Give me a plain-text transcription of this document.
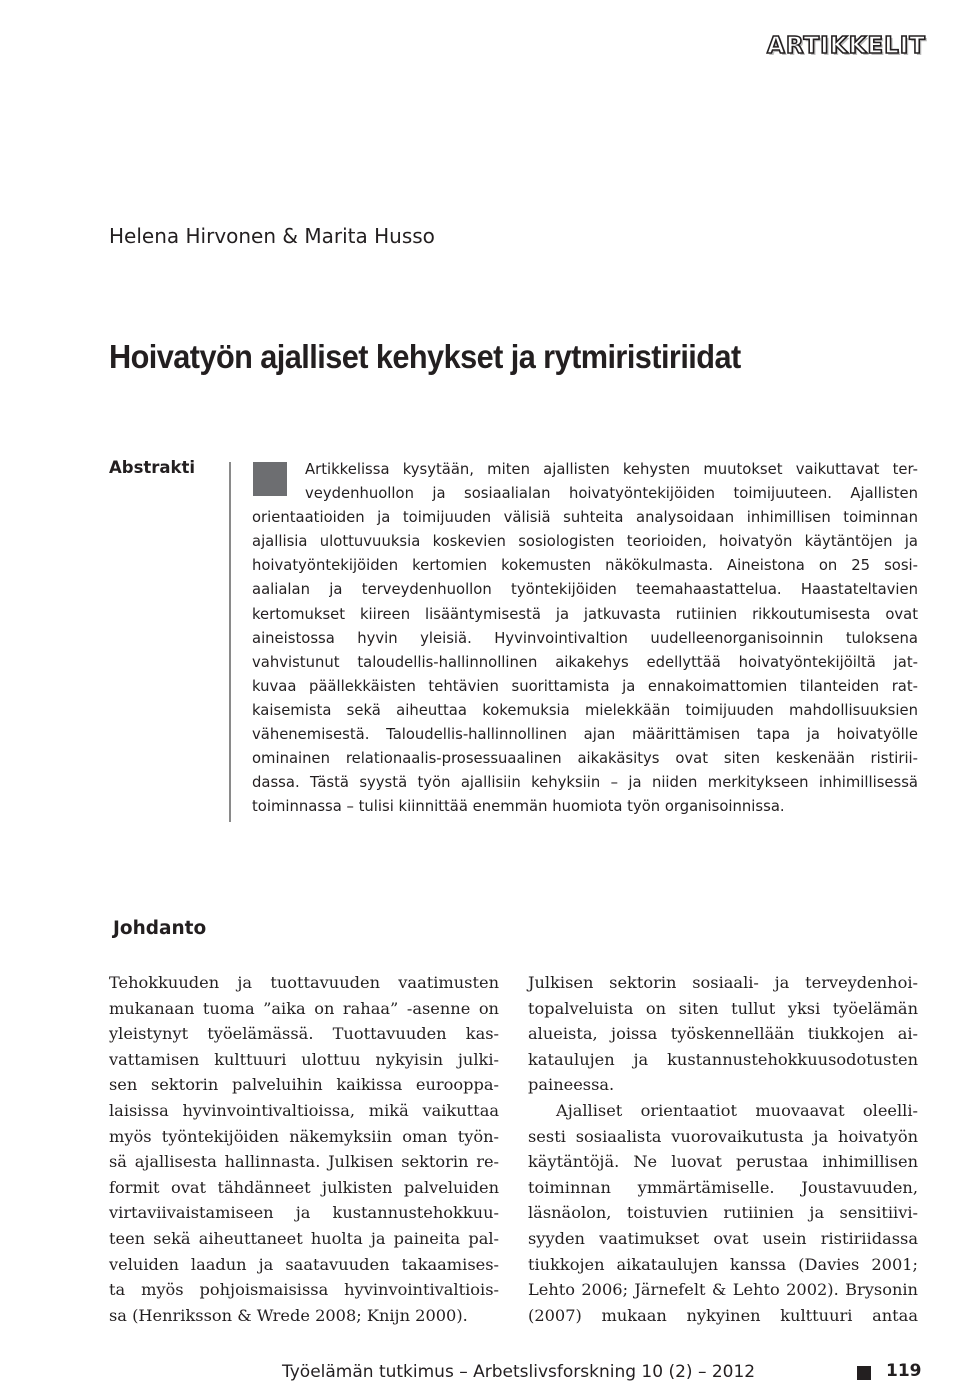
ARTIKKELIT
Helena Hirvonen & Marita Husso
Hoivatyön ajalliset kehykset ja rytmiristiriidat
Abstrakti	Artikkelissa kysytään, miten ajallisten kehysten muutokset vaikuttavat ter-
veydenhuollon ja sosiaalialan hoivatyöntekijöiden toimijuuteen. Ajallisten
orientaatioiden ja toimijuuden välisiä suhteita analysoidaan inhimillisen toiminnan
ajallisia ulottuvuuksia koskevien sosiologisten teorioiden, hoivatyön käytäntöjen ja
hoivatyöntekijöiden kertomien kokemusten näkökulmasta. Aineistona on 25 sosi-
aalialan ja terveydenhuollon työntekijöiden teemahaastattelua. Haastateltavien
kertomukset kiireen lisääntymisestä ja jatkuvasta rutiinien rikkoutumisesta ovat
aineistossa hyvin yleisiä. Hyvinvointivaltion uudelleenorganisoinnin tuloksena
vahvistunut taloudellis-hallinnollinen aikakehys edellyttää hoivatyöntekijöiltä jat-
kuvaa päällekkäisten tehtävien suorittamista ja ennakoimattomien tilanteiden rat-
kaisemista sekä aiheuttaa kokemuksia mielekkään toimijuuden mahdollisuuksien
vähenemisestä. Taloudellis-hallinnollinen ajan määrittämisen tapa ja hoivatyölle
ominainen relationaalis-prosessuaalinen aikakäsitys ovat siten keskenään ristirii-
dassa. Tästä syystä työn ajallisiin kehyksiin – ja niiden merkitykseen inhimillisessä
toiminnassa – tulisi kiinnittää enemmän huomiota työn organisoinnissa.
Johdanto
Tehokkuuden ja tuottavuuden vaatimusten
mukanaan tuoma ”aika on rahaa” -asenne on
yleistynyt työelämässä. Tuottavuuden kas-
vattamisen kulttuuri ulottuu nykyisin julki-
sen sektorin palveluihin kaikissa eurooppa-
laisissa hyvinvointivaltioissa, mikä vaikuttaa
myös työntekijöiden näkemyksiin oman työn-
sä ajallisesta hallinnasta. Julkisen sektorin re-
formit ovat tähdänneet julkisten palveluiden
virtaviivaistamiseen ja kustannustehokkuu-
teen sekä aiheuttaneet huolta ja paineita pal-
veluiden laadun ja saatavuuden takaamises-
ta myös pohjoismaisissa hyvinvointivaltiois-
sa (Henriksson & Wrede 2008; Knijn 2000).
Julkisen sektorin sosiaali- ja terveydenhoi-
topalveluista on siten tullut yksi työelämän
alueista, joissa työskennellään tiukkojen ai-
kataulujen ja kustannustehokkuusodotusten
paineessa.
Ajalliset orientaatiot muovaavat oleelli-
sesti sosiaalista vuorovaikutusta ja hoivatyön
käytäntöjä. Ne luovat perustaa inhimillisen
toiminnan ymmärtämiselle. Joustavuuden,
läsnäolon, toistuvien rutiinien ja sensitiivi-
syyden vaatimukset ovat usein ristiriidassa
tiukkojen aikataulujen kanssa (Davies 2001;
Lehto 2006; Järnefelt & Lehto 2002). Brysonin
(2007) mukaan nykyinen kulttuuri antaa
Työelämän tutkimus – Arbetslivsforskning 10 (2) – 2012	119
